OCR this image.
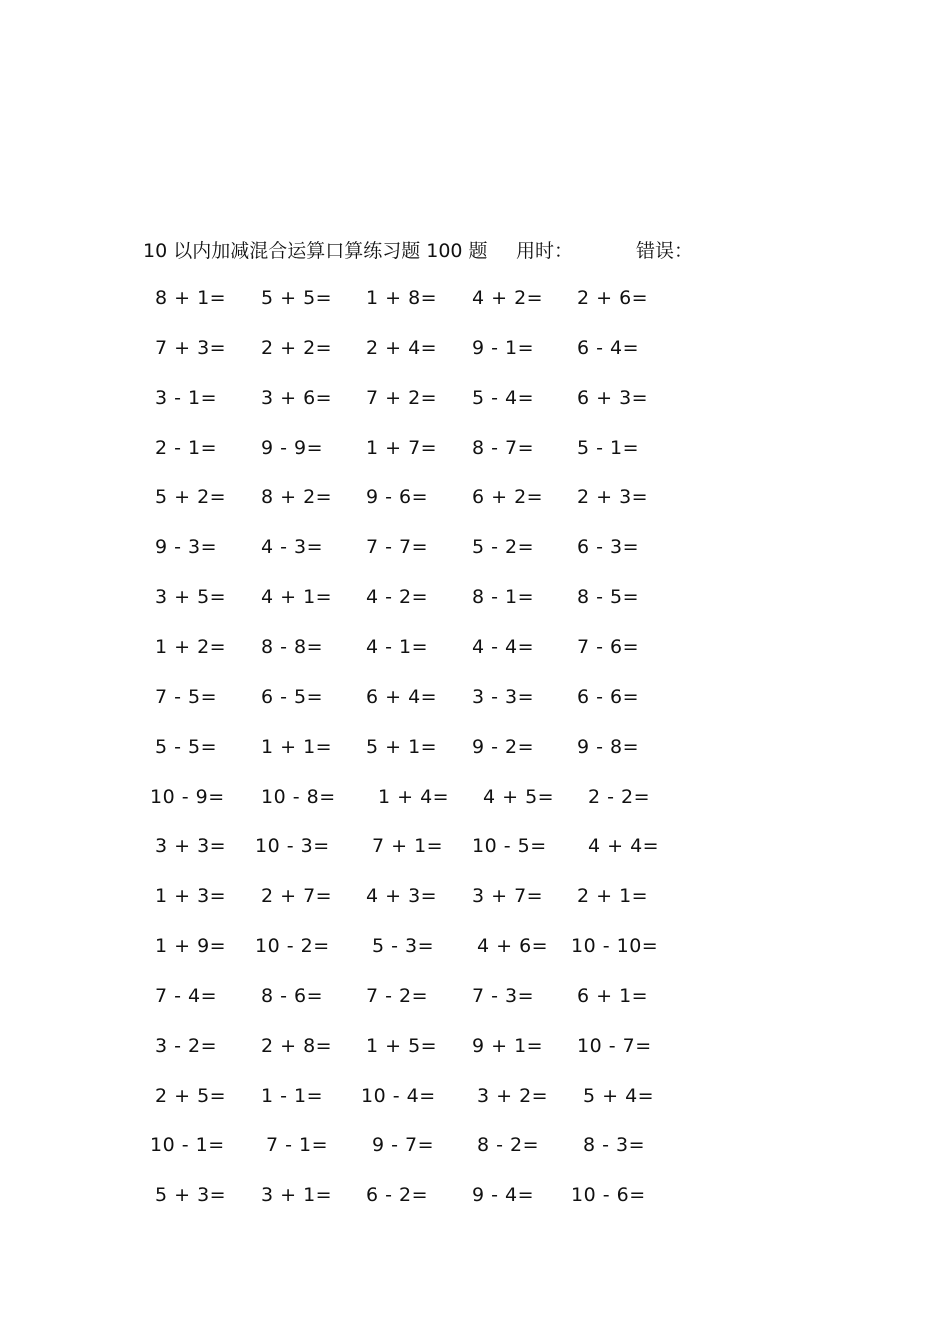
10 以内加减混合运算口算练习题 100 题 用时：	错误：
8 + 1= 5 + 5= 1 + 8= 4 + 2= 2 + 6=
7 + 3= 2 + 2= 2 + 4= 9 - 1= 6 - 4=
3 - 1= 3 + 6= 7 + 2= 5 - 4= 6 + 3=
2 - 1= 9 - 9= 1 + 7= 8 - 7= 5 - 1=
5 + 2= 8 + 2= 9 - 6= 6 + 2= 2 + 3=
9 - 3= 4 - 3= 7 - 7= 5 - 2= 6 - 3=
3 + 5= 4 + 1= 4 - 2= 8 - 1= 8 - 5=
1 + 2= 8 - 8= 4 - 1= 4 - 4= 7 - 6=
7 - 5= 6 - 5= 6 + 4= 3 - 3= 6 - 6=
5 - 5= 1 + 1= 5 + 1= 9 - 2= 9 - 8=
10 - 9= 10 - 8= 1 + 4= 4 + 5= 2 - 2=
3 + 3= 10 - 3= 7 + 1= 10 - 5= 4 + 4=
1 + 3= 2 + 7= 4 + 3= 3 + 7= 2 + 1=
1 + 9= 10 - 2= 5 - 3= 4 + 6= 10 - 10=
7 - 4= 8 - 6= 7 - 2= 7 - 3= 6 + 1=
3 - 2= 2 + 8= 1 + 5= 9 + 1= 10 - 7=
2 + 5= 1 - 1= 10 - 4= 3 + 2= 5 + 4=
10 - 1= 7 - 1= 9 - 7= 8 - 2= 8 - 3=
5 + 3= 3 + 1= 6 - 2= 9 - 4= 10 - 6=
